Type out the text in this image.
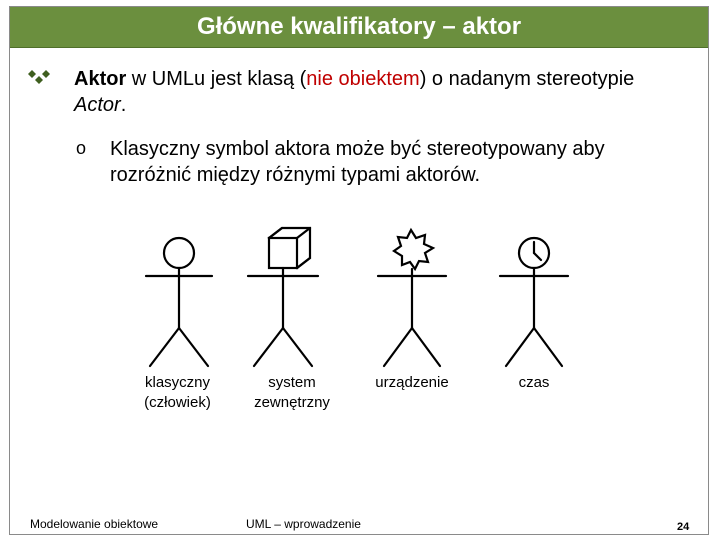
Główne kwalifikatory – aktor
Aktor w UMLu jest klasą (nie obiektem) o nadanym stereotypie Actor.
o Klasyczny symbol aktora może być stereotypowany aby rozróżnić między różnymi typami aktorów.
klasyczny
(człowiek)
system
zewnętrzny
urządzenie	czas
Modelowanie obiektowe	UML – wprowadzenie	24
